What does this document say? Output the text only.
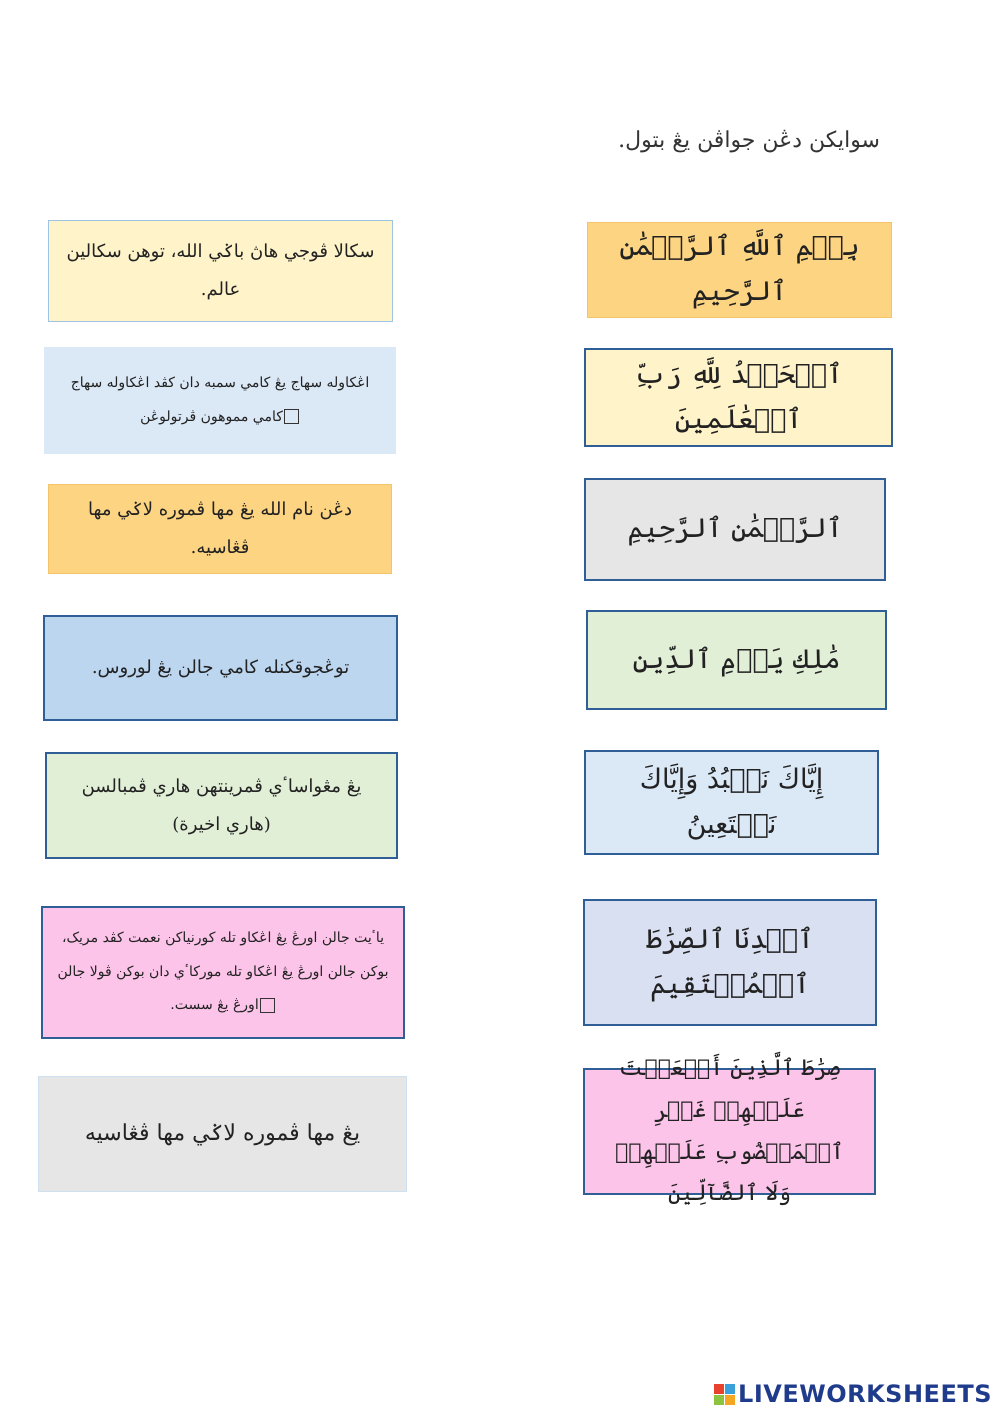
سوايکن دڠن جواڤن يڠ بتول.
سکالا ڤوجي هاڽ باݢي الله، توهن سکالين عالم.
اڠکاوله سهاج يڠ کامي سمبه دان کڤد اڠکاوله سهاج
کامي مموهون ڤرتولوڠن
دڠن نام الله يڠ مها ڤموره لاݢي مها ڤڠاسيه.
توڠجوقکنله کامي جالن يڠ لوروس.
يڠ مڠواساٴي ڤمرينتهن هاري ڤمبالسن (هاري اخيرة)
ياٴيت جالن اورڠ يڠ اڠکاو تله کورنياکن نعمت کڤد مريک، بوکن جالن اورڠ يڠ اڠکاو تله مورکاٴي دان بوکن ڤولا جالن اورڠ يڠ سست.
يڠ مها ڤموره لاݢي مها ڤڠاسيه
بِسۡمِ ٱللَّهِ ٱلرَّحۡمَٰنِ ٱلرَّحِيمِ
ٱلۡحَمۡدُ لِلَّهِ رَبِّ ٱلۡعَٰلَمِينَ
ٱلرَّحۡمَٰنِ ٱلرَّحِيمِ
مَٰلِكِ يَوۡمِ ٱلدِّينِ
إِيَّاكَ نَعۡبُدُ وَإِيَّاكَ نَسۡتَعِينُ
ٱهۡدِنَا ٱلصِّرَٰطَ ٱلۡمُسۡتَقِيمَ
صِرَٰطَ ٱلَّذِينَ أَنۡعَمۡتَ عَلَيۡهِمۡ غَيۡرِ ٱلۡمَغۡضُوبِ عَلَيۡهِمۡ وَلَا ٱلضَّآلِّينَ
LIVEWORKSHEETS
